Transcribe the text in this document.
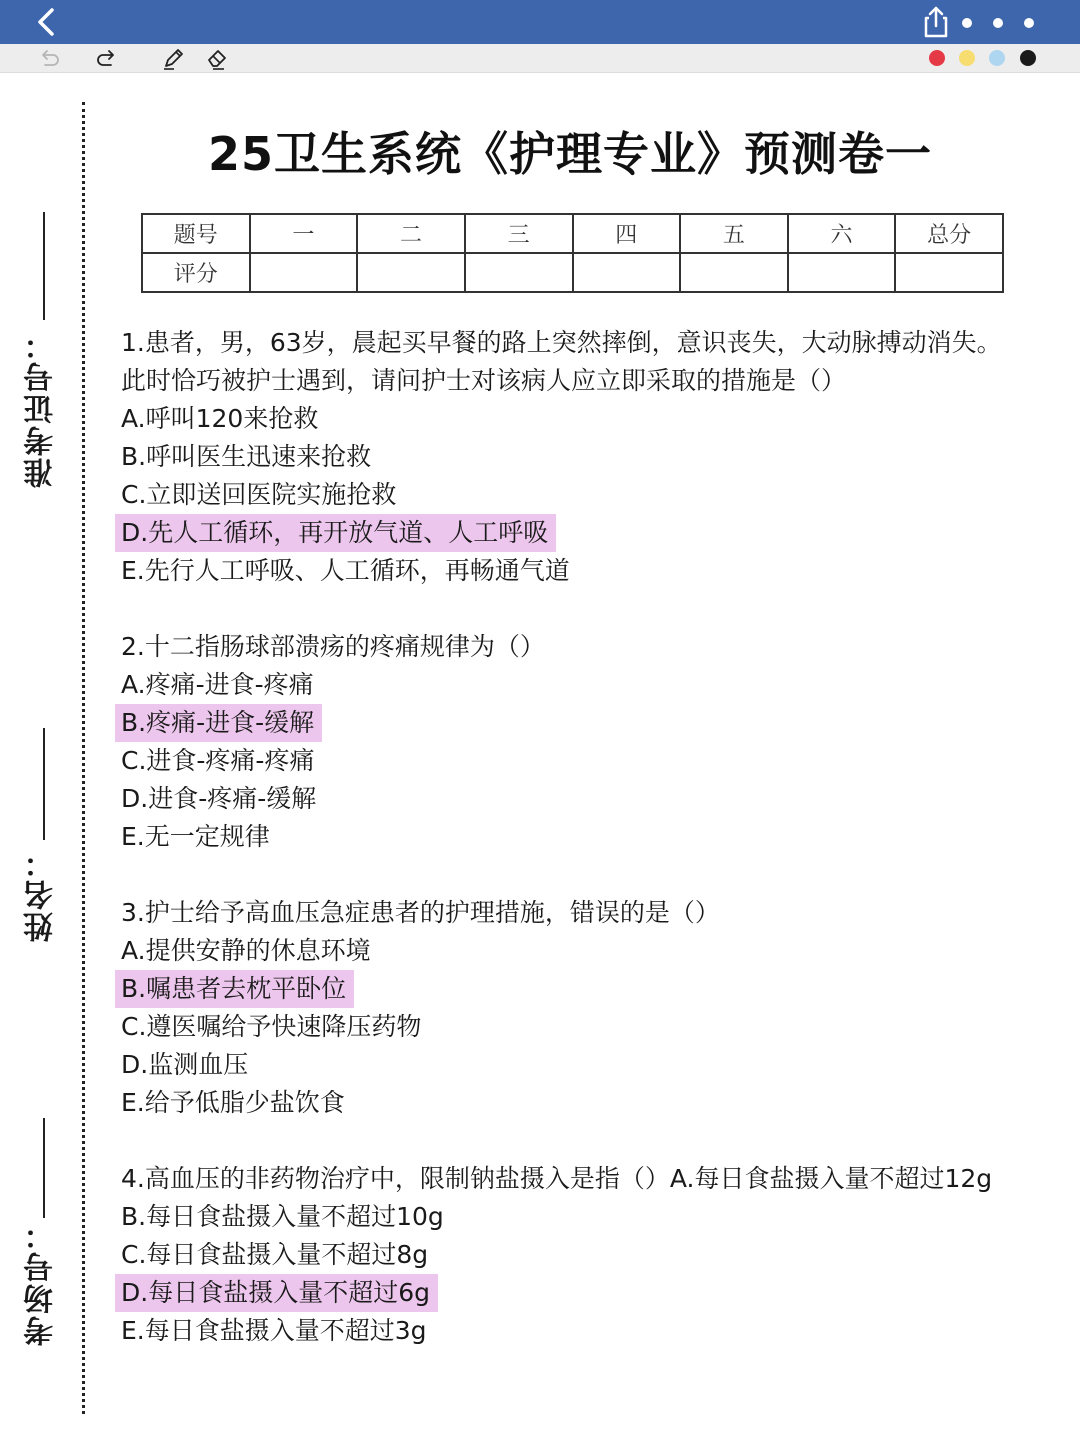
准考证号：
姓名：
考场号：
25卫生系统《护理专业》预测卷一
题号	一	二	三	四	五	六	总分
评分							

1.患者，男，63岁，晨起买早餐的路上突然摔倒，意识丧失，大动脉搏动消失。此时恰巧被护士遇到，请问护士对该病人应立即采取的措施是（）

A.呼叫120来抢救
B.呼叫医生迅速来抢救
C.立即送回医院实施抢救
D.先人工循环，再开放气道、人工呼吸
E.先行人工呼吸、人工循环，再畅通气道

2.十二指肠球部溃疡的疼痛规律为（）

A.疼痛-进食-疼痛
B.疼痛-进食-缓解
C.进食-疼痛-疼痛
D.进食-疼痛-缓解
E.无一定规律

3.护士给予高血压急症患者的护理措施，错误的是（）

A.提供安静的休息环境
B.嘱患者去枕平卧位
C.遵医嘱给予快速降压药物
D.监测血压
E.给予低脂少盐饮食

4.高血压的非药物治疗中，限制钠盐摄入是指（）A.每日食盐摄入量不超过12g

B.每日食盐摄入量不超过10g
C.每日食盐摄入量不超过8g
D.每日食盐摄入量不超过6g
E.每日食盐摄入量不超过3g
